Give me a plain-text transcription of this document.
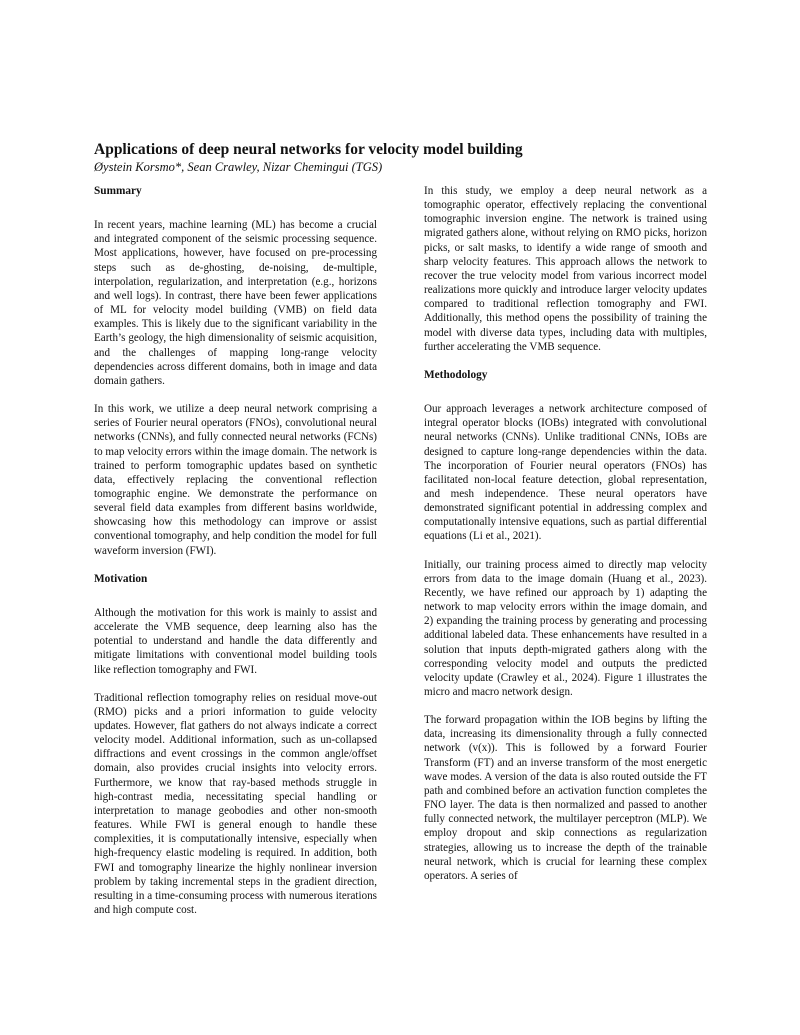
Applications of deep neural networks for velocity model building
Øystein Korsmo*, Sean Crawley, Nizar Chemingui (TGS)
Summary

In recent years, machine learning (ML) has become a crucial and integrated component of the seismic processing sequence. Most applications, however, have focused on pre-processing steps such as de-ghosting, de-noising, de-multiple, interpolation, regularization, and interpretation (e.g., horizons and well logs). In contrast, there have been fewer applications of ML for velocity model building (VMB) on field data examples. This is likely due to the significant variability in the Earth’s geology, the high dimensionality of seismic acquisition, and the challenges of mapping long-range velocity dependencies across different domains, both in image and data domain gathers.

In this work, we utilize a deep neural network comprising a series of Fourier neural operators (FNOs), convolutional neural networks (CNNs), and fully connected neural networks (FCNs) to map velocity errors within the image domain. The network is trained to perform tomographic updates based on synthetic data, effectively replacing the conventional reflection tomographic engine. We demonstrate the performance on several field data examples from different basins worldwide, showcasing how this methodology can improve or assist conventional tomography, and help condition the model for full waveform inversion (FWI).

Motivation

Although the motivation for this work is mainly to assist and accelerate the VMB sequence, deep learning also has the potential to understand and handle the data differently and mitigate limitations with conventional model building tools like reflection tomography and FWI.

Traditional reflection tomography relies on residual move-out (RMO) picks and a priori information to guide velocity updates. However, flat gathers do not always indicate a correct velocity model. Additional information, such as un-collapsed diffractions and event crossings in the common angle/offset domain, also provides crucial insights into velocity errors. Furthermore, we know that ray-based methods struggle in high-contrast media, necessitating special handling or interpretation to manage geobodies and other non-smooth features. While FWI is general enough to handle these complexities, it is computationally intensive, especially when high-frequency elastic modeling is required. In addition, both FWI and tomography linearize the highly nonlinear inversion problem by taking incremental steps in the gradient direction, resulting in a time-consuming process with numerous iterations and high compute cost.

In this study, we employ a deep neural network as a tomographic operator, effectively replacing the conventional tomographic inversion engine. The network is trained using migrated gathers alone, without relying on RMO picks, horizon picks, or salt masks, to identify a wide range of smooth and sharp velocity features. This approach allows the network to recover the true velocity model from various incorrect model realizations more quickly and introduce larger velocity updates compared to traditional reflection tomography and FWI. Additionally, this method opens the possibility of training the model with diverse data types, including data with multiples, further accelerating the VMB sequence.

Methodology

Our approach leverages a network architecture composed of integral operator blocks (IOBs) integrated with convolutional neural networks (CNNs). Unlike traditional CNNs, IOBs are designed to capture long-range dependencies within the data. The incorporation of Fourier neural operators (FNOs) has facilitated non-local feature detection, global representation, and mesh independence. These neural operators have demonstrated significant potential in addressing complex and computationally intensive equations, such as partial differential equations (Li et al., 2021).

Initially, our training process aimed to directly map velocity errors from data to the image domain (Huang et al., 2023). Recently, we have refined our approach by 1) adapting the network to map velocity errors within the image domain, and 2) expanding the training process by generating and processing additional labeled data. These enhancements have resulted in a solution that inputs depth-migrated gathers along with the corresponding velocity model and outputs the predicted velocity update (Crawley et al., 2024). Figure 1 illustrates the micro and macro network design.

The forward propagation within the IOB begins by lifting the data, increasing its dimensionality through a fully connected network (v(x)). This is followed by a forward Fourier Transform (FT) and an inverse transform of the most energetic wave modes. A version of the data is also routed outside the FT path and combined before an activation function completes the FNO layer. The data is then normalized and passed to another fully connected network, the multilayer perceptron (MLP). We employ dropout and skip connections as regularization strategies, allowing us to increase the depth of the trainable neural network, which is crucial for learning these complex operators. A series of
